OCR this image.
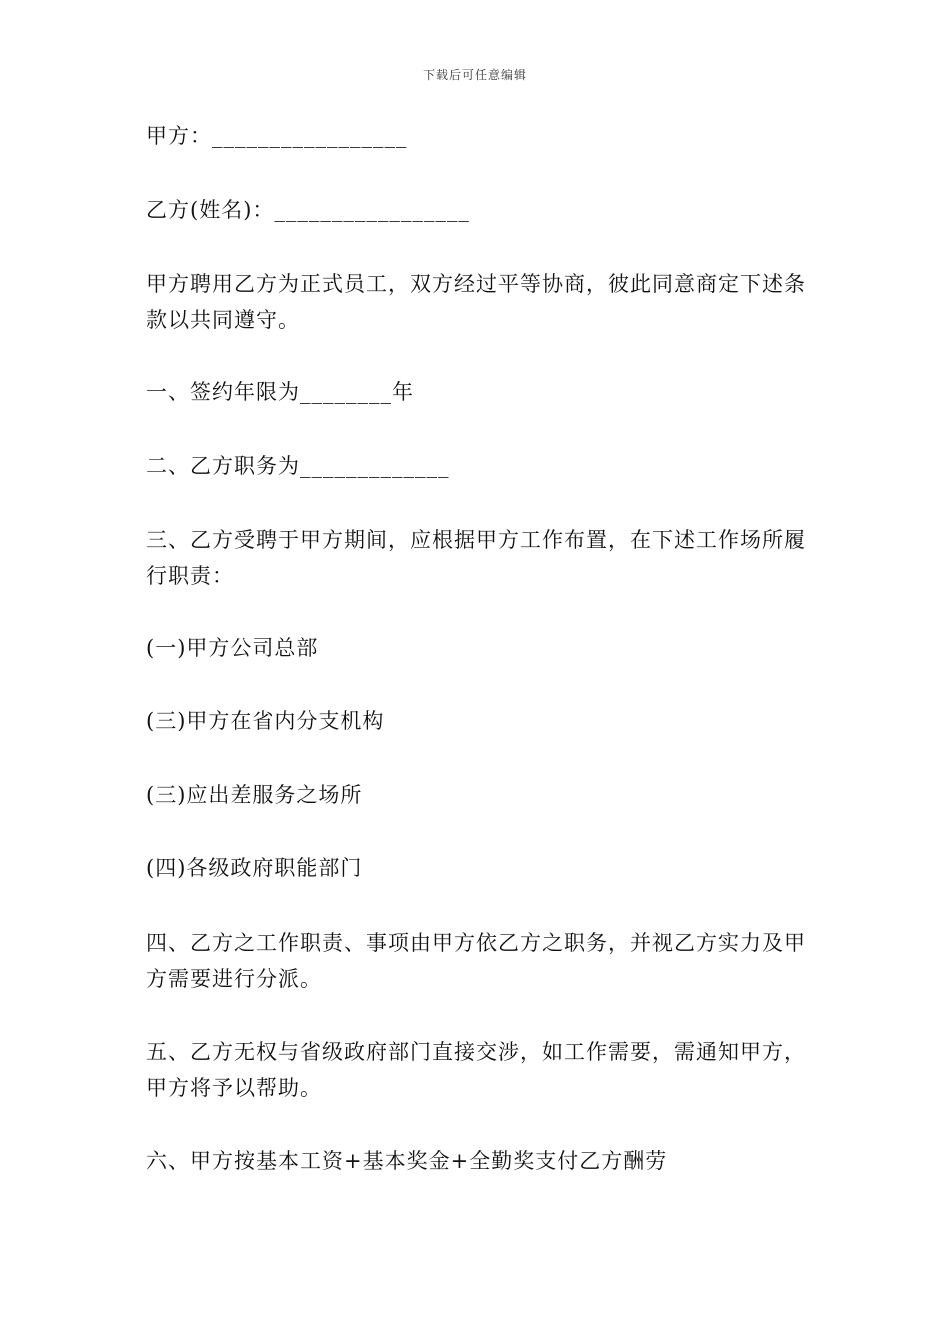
下载后可任意编辑

甲方：_________________

乙方(姓名)：_________________

甲方聘用乙方为正式员工，双方经过平等协商，彼此同意商定下述条款以共同遵守。

一、签约年限为________年

二、乙方职务为_____________

三、乙方受聘于甲方期间，应根据甲方工作布置，在下述工作场所履行职责：

(一)甲方公司总部

(三)甲方在省内分支机构

(三)应出差服务之场所

(四)各级政府职能部门

四、乙方之工作职责、事项由甲方依乙方之职务，并视乙方实力及甲方需要进行分派。

五、乙方无权与省级政府部门直接交涉，如工作需要，需通知甲方，甲方将予以帮助。

六、甲方按基本工资+基本奖金+全勤奖支付乙方酬劳
